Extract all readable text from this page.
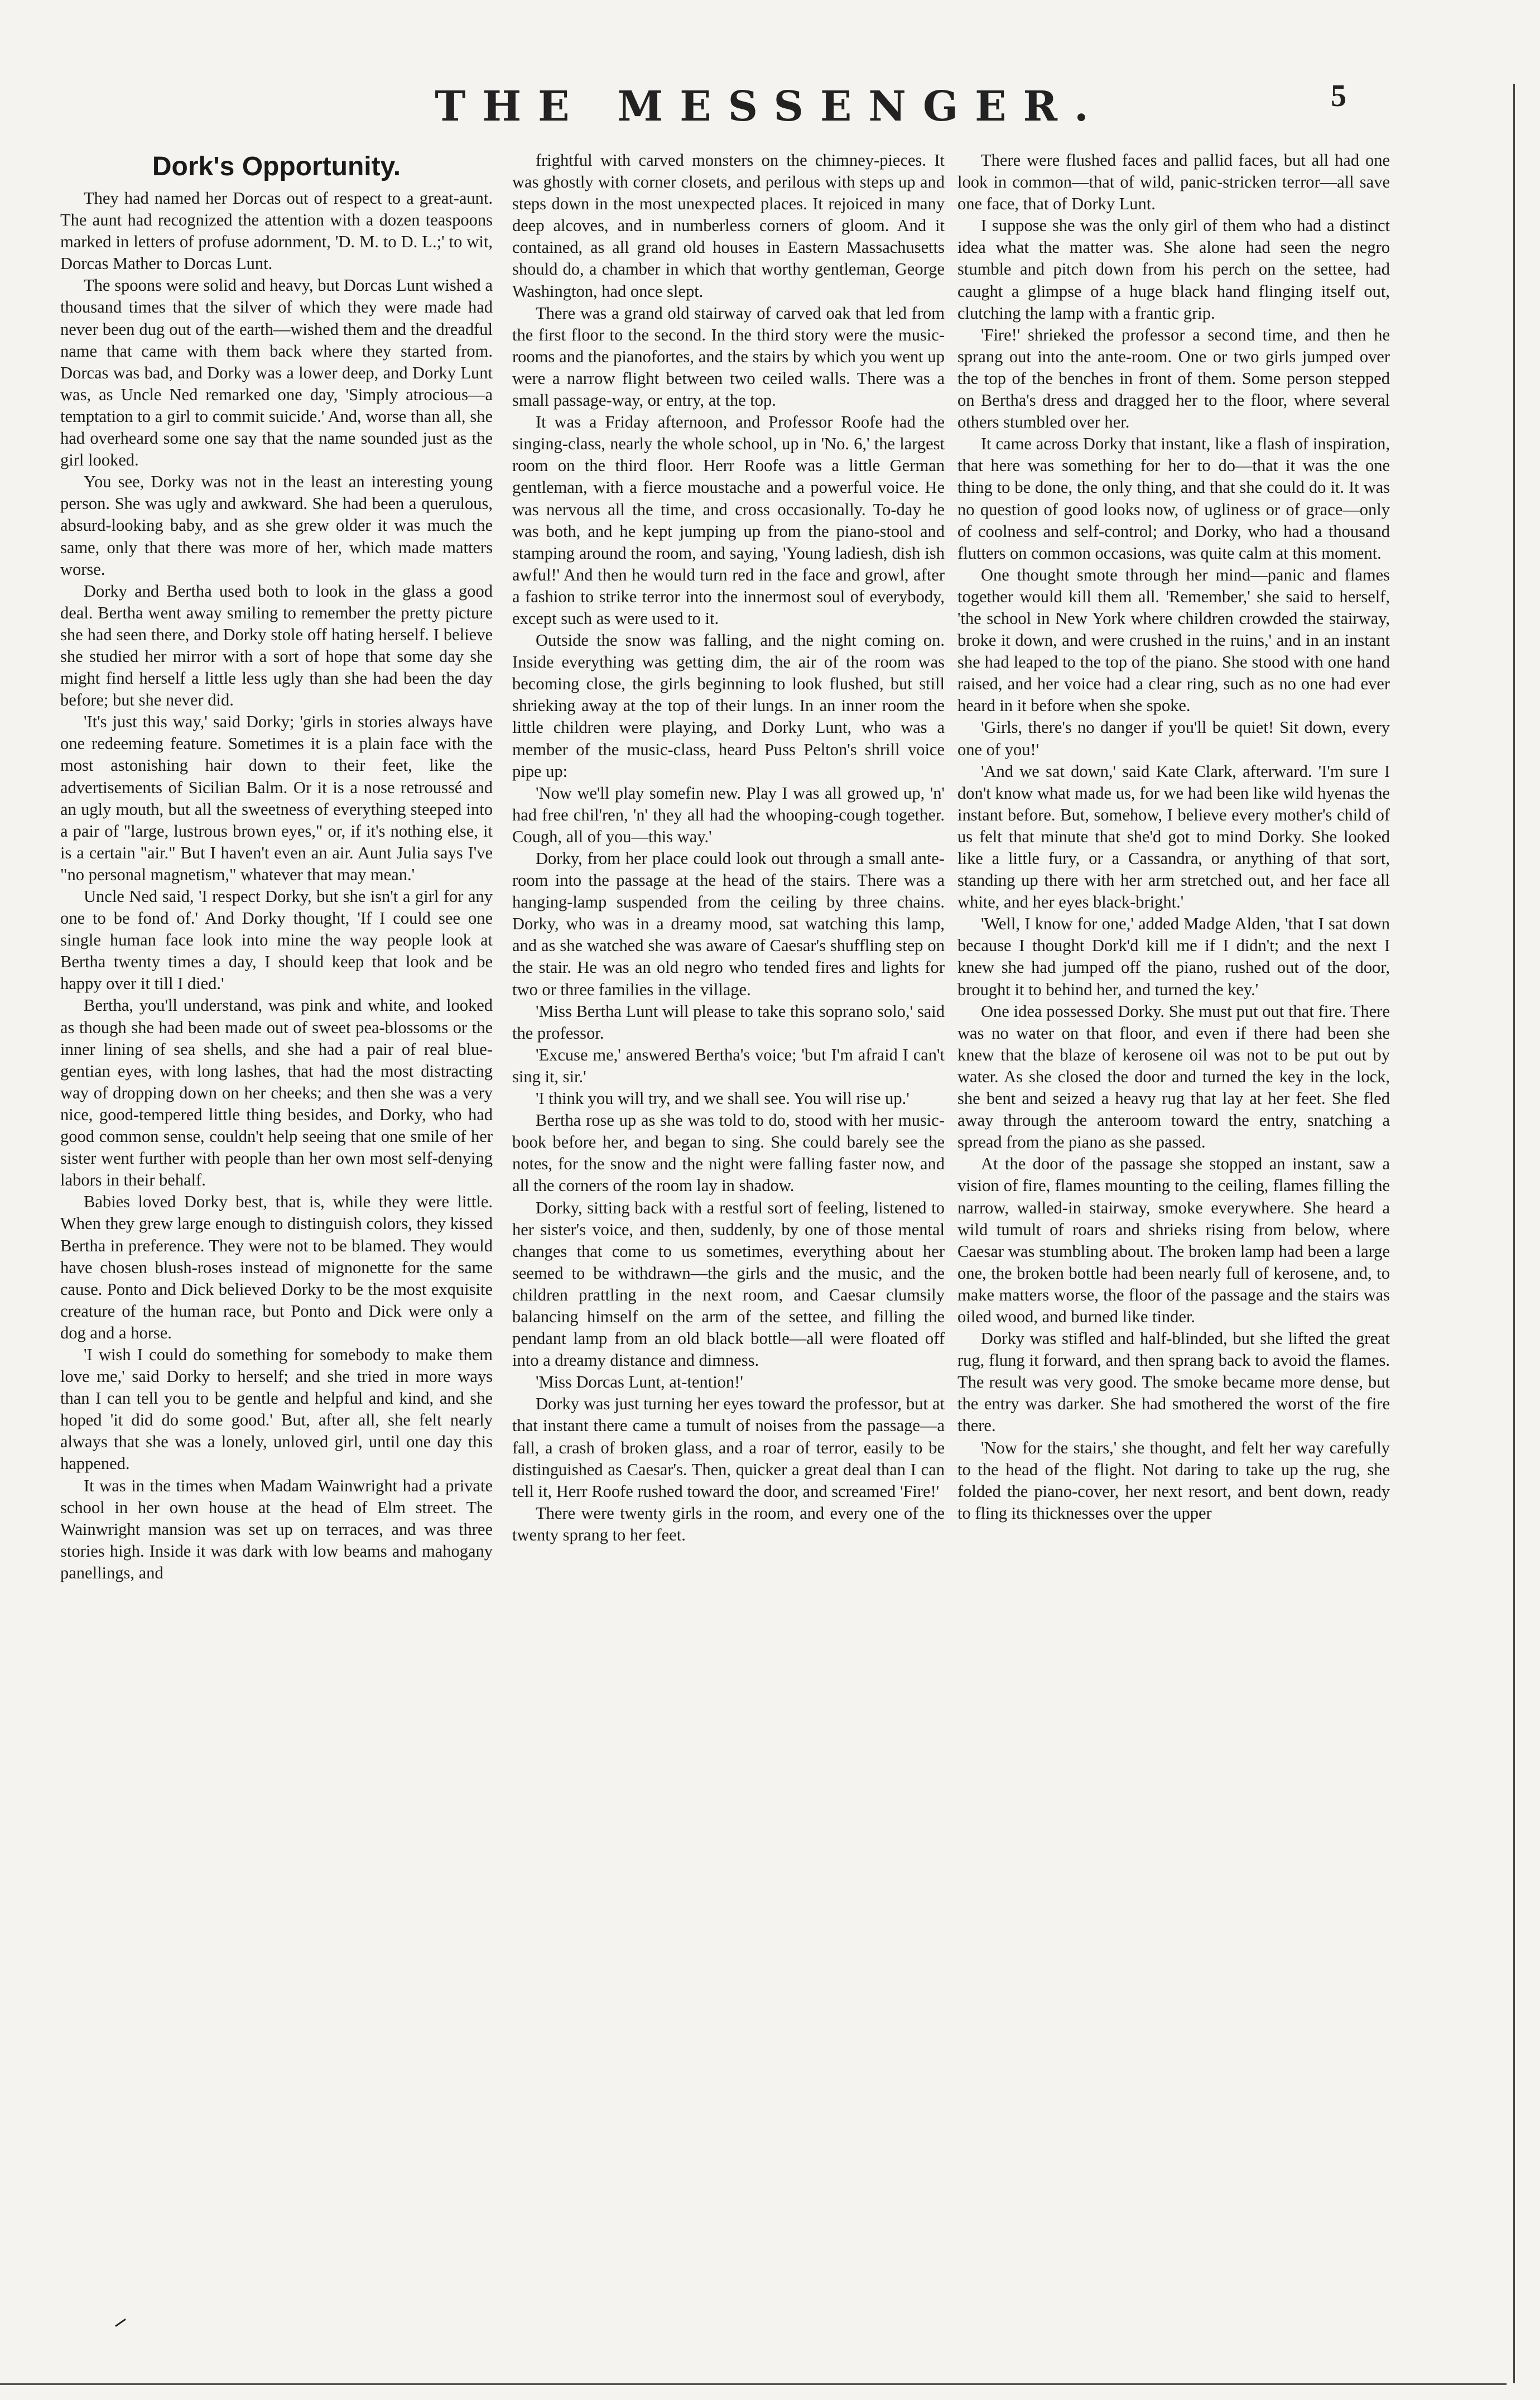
THE MESSENGER.	5
Dork's Opportunity.

They had named her Dorcas out of respect to a great-aunt. The aunt had recognized the attention with a dozen teaspoons marked in letters of profuse adornment, 'D. M. to D. L.;' to wit, Dorcas Mather to Dorcas Lunt.

The spoons were solid and heavy, but Dorcas Lunt wished a thousand times that the silver of which they were made had never been dug out of the earth—wished them and the dreadful name that came with them back where they started from. Dorcas was bad, and Dorky was a lower deep, and Dorky Lunt was, as Uncle Ned remarked one day, 'Simply atrocious—a temptation to a girl to commit suicide.' And, worse than all, she had overheard some one say that the name sounded just as the girl looked.

You see, Dorky was not in the least an interesting young person. She was ugly and awkward. She had been a querulous, absurd-looking baby, and as she grew older it was much the same, only that there was more of her, which made matters worse.

Dorky and Bertha used both to look in the glass a good deal. Bertha went away smiling to remember the pretty picture she had seen there, and Dorky stole off hating herself. I believe she studied her mirror with a sort of hope that some day she might find herself a little less ugly than she had been the day before; but she never did.

'It's just this way,' said Dorky; 'girls in stories always have one redeeming feature. Sometimes it is a plain face with the most astonishing hair down to their feet, like the advertisements of Sicilian Balm. Or it is a nose retroussé and an ugly mouth, but all the sweetness of everything steeped into a pair of "large, lustrous brown eyes," or, if it's nothing else, it is a certain "air." But I haven't even an air. Aunt Julia says I've "no personal magnetism," whatever that may mean.'

Uncle Ned said, 'I respect Dorky, but she isn't a girl for any one to be fond of.' And Dorky thought, 'If I could see one single human face look into mine the way people look at Bertha twenty times a day, I should keep that look and be happy over it till I died.'

Bertha, you'll understand, was pink and white, and looked as though she had been made out of sweet pea-blossoms or the inner lining of sea shells, and she had a pair of real blue-gentian eyes, with long lashes, that had the most distracting way of dropping down on her cheeks; and then she was a very nice, good-tempered little thing besides, and Dorky, who had good common sense, couldn't help seeing that one smile of her sister went further with people than her own most self-denying labors in their behalf.

Babies loved Dorky best, that is, while they were little. When they grew large enough to distinguish colors, they kissed Bertha in preference. They were not to be blamed. They would have chosen blush-roses instead of mignonette for the same cause. Ponto and Dick believed Dorky to be the most exquisite creature of the human race, but Ponto and Dick were only a dog and a horse.

'I wish I could do something for somebody to make them love me,' said Dorky to herself; and she tried in more ways than I can tell you to be gentle and helpful and kind, and she hoped 'it did do some good.' But, after all, she felt nearly always that she was a lonely, unloved girl, until one day this happened.

It was in the times when Madam Wainwright had a private school in her own house at the head of Elm street. The Wainwright mansion was set up on terraces, and was three stories high. Inside it was dark with low beams and mahogany panellings, and

frightful with carved monsters on the chimney-pieces. It was ghostly with corner closets, and perilous with steps up and steps down in the most unexpected places. It rejoiced in many deep alcoves, and in numberless corners of gloom. And it contained, as all grand old houses in Eastern Massachusetts should do, a chamber in which that worthy gentleman, George Washington, had once slept.

There was a grand old stairway of carved oak that led from the first floor to the second. In the third story were the music-rooms and the pianofortes, and the stairs by which you went up were a narrow flight between two ceiled walls. There was a small passage-way, or entry, at the top.

It was a Friday afternoon, and Professor Roofe had the singing-class, nearly the whole school, up in 'No. 6,' the largest room on the third floor. Herr Roofe was a little German gentleman, with a fierce moustache and a powerful voice. He was nervous all the time, and cross occasionally. To-day he was both, and he kept jumping up from the piano-stool and stamping around the room, and saying, 'Young ladiesh, dish ish awful!' And then he would turn red in the face and growl, after a fashion to strike terror into the innermost soul of everybody, except such as were used to it.

Outside the snow was falling, and the night coming on. Inside everything was getting dim, the air of the room was becoming close, the girls beginning to look flushed, but still shrieking away at the top of their lungs. In an inner room the little children were playing, and Dorky Lunt, who was a member of the music-class, heard Puss Pelton's shrill voice pipe up:

'Now we'll play somefin new. Play I was all growed up, 'n' had free chil'ren, 'n' they all had the whooping-cough together. Cough, all of you—this way.'

Dorky, from her place could look out through a small ante-room into the passage at the head of the stairs. There was a hanging-lamp suspended from the ceiling by three chains. Dorky, who was in a dreamy mood, sat watching this lamp, and as she watched she was aware of Caesar's shuffling step on the stair. He was an old negro who tended fires and lights for two or three families in the village.

'Miss Bertha Lunt will please to take this soprano solo,' said the professor.

'Excuse me,' answered Bertha's voice; 'but I'm afraid I can't sing it, sir.'

'I think you will try, and we shall see. You will rise up.'

Bertha rose up as she was told to do, stood with her music-book before her, and began to sing. She could barely see the notes, for the snow and the night were falling faster now, and all the corners of the room lay in shadow.

Dorky, sitting back with a restful sort of feeling, listened to her sister's voice, and then, suddenly, by one of those mental changes that come to us sometimes, everything about her seemed to be withdrawn—the girls and the music, and the children prattling in the next room, and Caesar clumsily balancing himself on the arm of the settee, and filling the pendant lamp from an old black bottle—all were floated off into a dreamy distance and dimness.

'Miss Dorcas Lunt, at-tention!'

Dorky was just turning her eyes toward the professor, but at that instant there came a tumult of noises from the passage—a fall, a crash of broken glass, and a roar of terror, easily to be distinguished as Caesar's. Then, quicker a great deal than I can tell it, Herr Roofe rushed toward the door, and screamed 'Fire!'

There were twenty girls in the room, and every one of the twenty sprang to her feet.

There were flushed faces and pallid faces, but all had one look in common—that of wild, panic-stricken terror—all save one face, that of Dorky Lunt.

I suppose she was the only girl of them who had a distinct idea what the matter was. She alone had seen the negro stumble and pitch down from his perch on the settee, had caught a glimpse of a huge black hand flinging itself out, clutching the lamp with a frantic grip.

'Fire!' shrieked the professor a second time, and then he sprang out into the ante-room. One or two girls jumped over the top of the benches in front of them. Some person stepped on Bertha's dress and dragged her to the floor, where several others stumbled over her.

It came across Dorky that instant, like a flash of inspiration, that here was something for her to do—that it was the one thing to be done, the only thing, and that she could do it. It was no question of good looks now, of ugliness or of grace—only of coolness and self-control; and Dorky, who had a thousand flutters on common occasions, was quite calm at this moment.

One thought smote through her mind—panic and flames together would kill them all. 'Remember,' she said to herself, 'the school in New York where children crowded the stairway, broke it down, and were crushed in the ruins,' and in an instant she had leaped to the top of the piano. She stood with one hand raised, and her voice had a clear ring, such as no one had ever heard in it before when she spoke.

'Girls, there's no danger if you'll be quiet! Sit down, every one of you!'

'And we sat down,' said Kate Clark, afterward. 'I'm sure I don't know what made us, for we had been like wild hyenas the instant before. But, somehow, I believe every mother's child of us felt that minute that she'd got to mind Dorky. She looked like a little fury, or a Cassandra, or anything of that sort, standing up there with her arm stretched out, and her face all white, and her eyes black-bright.'

'Well, I know for one,' added Madge Alden, 'that I sat down because I thought Dork'd kill me if I didn't; and the next I knew she had jumped off the piano, rushed out of the door, brought it to behind her, and turned the key.'

One idea possessed Dorky. She must put out that fire. There was no water on that floor, and even if there had been she knew that the blaze of kerosene oil was not to be put out by water. As she closed the door and turned the key in the lock, she bent and seized a heavy rug that lay at her feet. She fled away through the anteroom toward the entry, snatching a spread from the piano as she passed.

At the door of the passage she stopped an instant, saw a vision of fire, flames mounting to the ceiling, flames filling the narrow, walled-in stairway, smoke everywhere. She heard a wild tumult of roars and shrieks rising from below, where Caesar was stumbling about. The broken lamp had been a large one, the broken bottle had been nearly full of kerosene, and, to make matters worse, the floor of the passage and the stairs was oiled wood, and burned like tinder.

Dorky was stifled and half-blinded, but she lifted the great rug, flung it forward, and then sprang back to avoid the flames. The result was very good. The smoke became more dense, but the entry was darker. She had smothered the worst of the fire there.

'Now for the stairs,' she thought, and felt her way carefully to the head of the flight. Not daring to take up the rug, she folded the piano-cover, her next resort, and bent down, ready to fling its thicknesses over the upper
